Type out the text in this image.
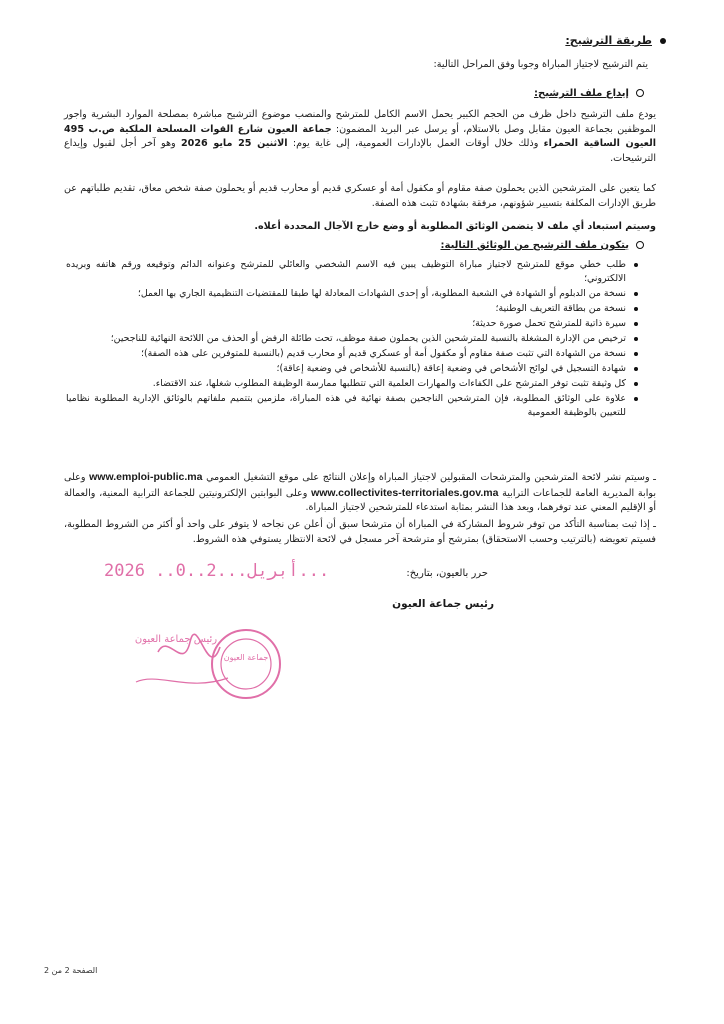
طريقة الترشيح:
يتم الترشيح لاجتياز المباراة وجوبا وفق المراحل التالية:
إيداع ملف الترشيح:
يودع ملف الترشيح داخل ظرف من الحجم الكبير يحمل الاسم الكامل للمترشح والمنصب موضوع الترشيح مباشرة بمصلحة الموارد البشرية واجور الموظفين بجماعة العيون مقابل وصل بالاستلام، أو يرسل عبر البريد المضمون: جماعة العيون شارع القوات المسلحة الملكية ص.ب 495 العيون الساقية الحمراء وذلك خلال أوقات العمل بالإدارات العمومية، إلى غاية يوم: الاثنين 25 مايو 2026 وهو آخر أجل لقبول وإيداع الترشيحات.
كما يتعين على المترشحين الذين يحملون صفة مقاوم أو مكفول أمة أو عسكري قديم أو محارب قديم أو يحملون صفة شخص معاق، تقديم طلباتهم عن طريق الإدارات المكلفة بتسيير شؤونهم، مرفقة بشهادة تثبت هذه الصفة.
وسيتم استبعاد أي ملف لا يتضمن الوثائق المطلوبة أو وضع خارج الآجال المحددة أعلاه.
يتكون ملف الترشيح من الوثائق التالية:
طلب خطي موقع للمترشح لاجتياز مباراة التوظيف يبين فيه الاسم الشخصي والعائلي للمترشح وعنوانه الدائم وتوقيعه ورقم هاتفه وبريده الالكتروني؛
نسخة من الدبلوم أو الشهادة في الشعبة المطلوبة، أو إحدى الشهادات المعادلة لها طبقا للمقتضيات التنظيمية الجاري بها العمل؛
نسخة من بطاقة التعريف الوطنية؛
سيرة ذاتية للمترشح تحمل صورة حديثة؛
ترخيص من الإدارة المشغلة بالنسبة للمترشحين الذين يحملون صفة موظف، تحت طائلة الرفض أو الحذف من اللائحة النهائية للناجحين؛
نسخة من الشهادة التي تثبت صفة مقاوم أو مكفول أمة أو عسكري قديم أو محارب قديم (بالنسبة للمتوفرين على هذه الصفة)؛
شهادة التسجيل في لوائح الأشخاص في وضعية إعاقة (بالنسبة للأشخاص في وضعية إعاقة)؛
كل وثيقة تثبت توفر المترشح على الكفاءات والمهارات العلمية التي تتطلبها ممارسة الوظيفة المطلوب شغلها، عند الاقتضاء.
علاوة على الوثائق المطلوبة، فإن المترشحين الناجحين بصفة نهائية في هذه المباراة، ملزمين بتتميم ملفاتهم بالوثائق الإدارية المطلوبة نظاميا للتعيين بالوظيفة العمومية
ـ وسيتم نشر لائحة المترشحين والمترشحات المقبولين لاجتياز المباراة وإعلان النتائج على موقع التشغيل العمومي www.emploi-public.ma وعلى بوابة المديرية العامة للجماعات الترابية www.collectivites-territoriales.gov.ma وعلى البوابتين الإلكترونيتين للجماعة الترابية المعنية، والعمالة أو الإقليم المعني عند توفرهما، ويعد هذا النشر بمثابة استدعاء للمترشحين لاجتياز المباراة.
ـ إذا ثبت بمناسبة التأكد من توفر شروط المشاركة في المباراة أن مترشحا سبق أن أعلن عن نجاحه لا يتوفر على واحد أو أكثر من الشروط المطلوبة، فسيتم تعويضه (بالترتيب وحسب الاستحقاق) بمترشح أو مترشحة آخر مسجل في لائحة الانتظار يستوفي هذه الشروط.
حرر بالعيون، بتاريخ:
2026 ..أبريل...2..0...
رئيس جماعة العيون
جماعة العيون
رئيس جماعة العيون
الصفحة 2 من 2
